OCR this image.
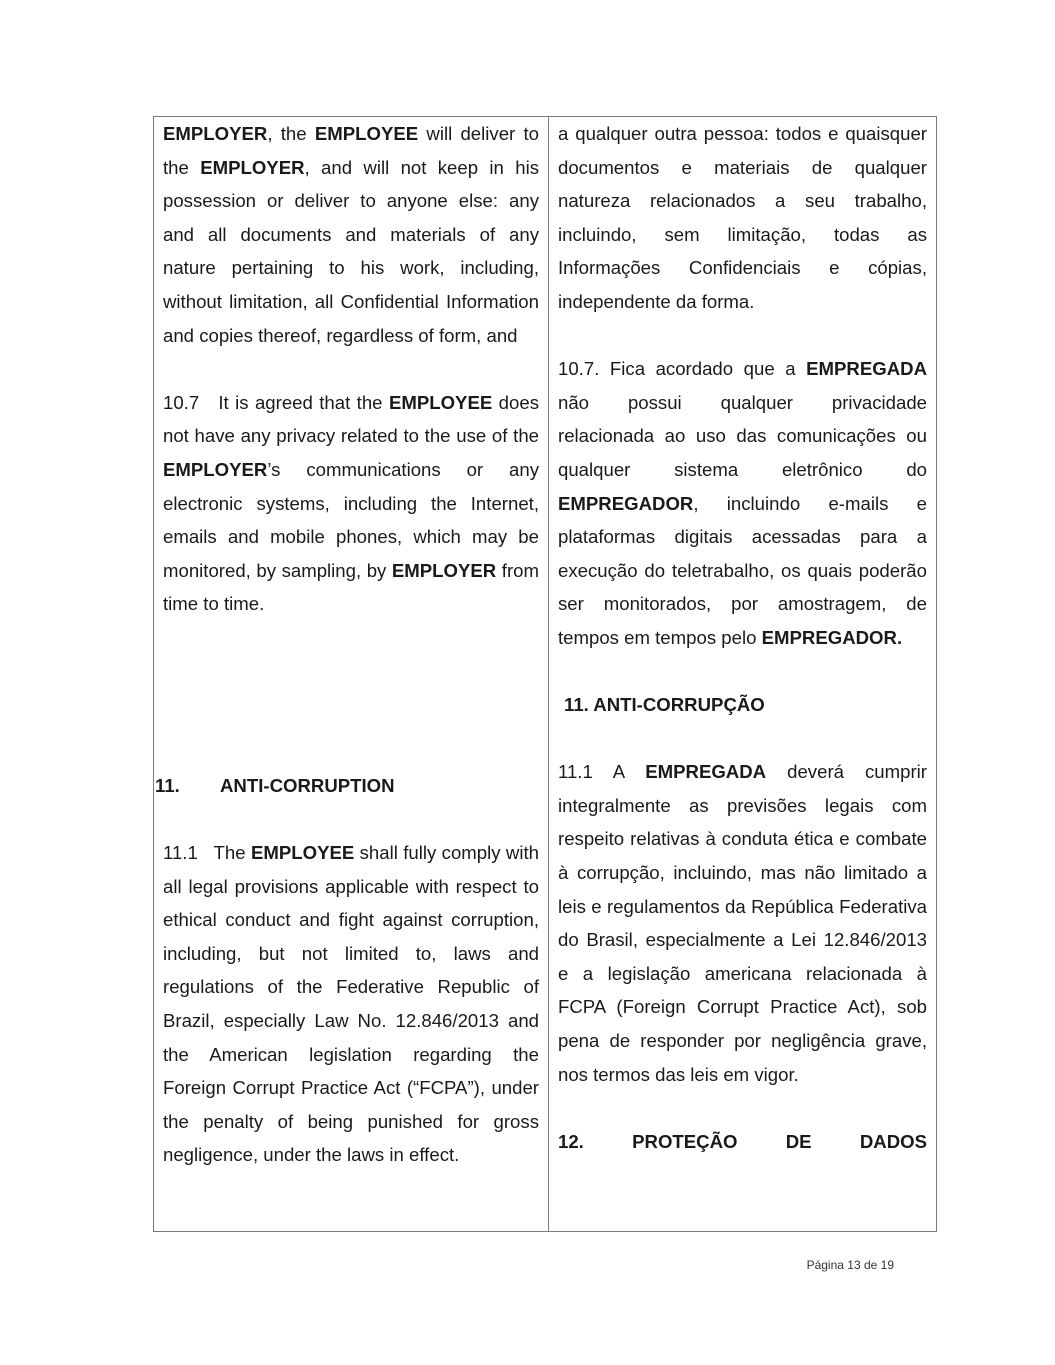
EMPLOYER, the EMPLOYEE will deliver to the EMPLOYER, and will not keep in his possession or deliver to anyone else: any and all documents and materials of any nature pertaining to his work, including, without limitation, all Confidential Information and copies thereof, regardless of form, and

10.7   It is agreed that the EMPLOYEE does not have any privacy related to the use of the EMPLOYER’s communications or any electronic systems, including the Internet, emails and mobile phones, which may be monitored, by sampling, by EMPLOYER from time to time.

11. ANTI-CORRUPTION

11.1   The EMPLOYEE shall fully comply with all legal provisions applicable with respect to ethical conduct and fight against corruption, including, but not limited to, laws and regulations of the Federative Republic of Brazil, especially Law No. 12.846/2013 and the American legislation regarding the Foreign Corrupt Practice Act (“FCPA”), under the penalty of being punished for gross negligence, under the laws in effect.

a qualquer outra pessoa: todos e quaisquer documentos e materiais de qualquer natureza relacionados a seu trabalho, incluindo, sem limitação, todas as Informações Confidenciais e cópias, independente da forma.

10.7. Fica acordado que a EMPREGADA não possui qualquer privacidade relacionada ao uso das comunicações ou qualquer sistema eletrônico do EMPREGADOR, incluindo e-mails e plataformas digitais acessadas para a execução do teletrabalho, os quais poderão ser monitorados, por amostragem, de tempos em tempos pelo EMPREGADOR.

11. ANTI-CORRUPÇÃO

11.1 A EMPREGADA deverá cumprir integralmente as previsões legais com respeito relativas à conduta ética e combate à corrupção, incluindo, mas não limitado a leis e regulamentos da República Federativa do Brasil, especialmente a Lei 12.846/2013 e a legislação americana relacionada à FCPA (Foreign Corrupt Practice Act), sob pena de responder por negligência grave, nos termos das leis em vigor.

12. PROTEÇÃO DE DADOS

Página 13 de 19
